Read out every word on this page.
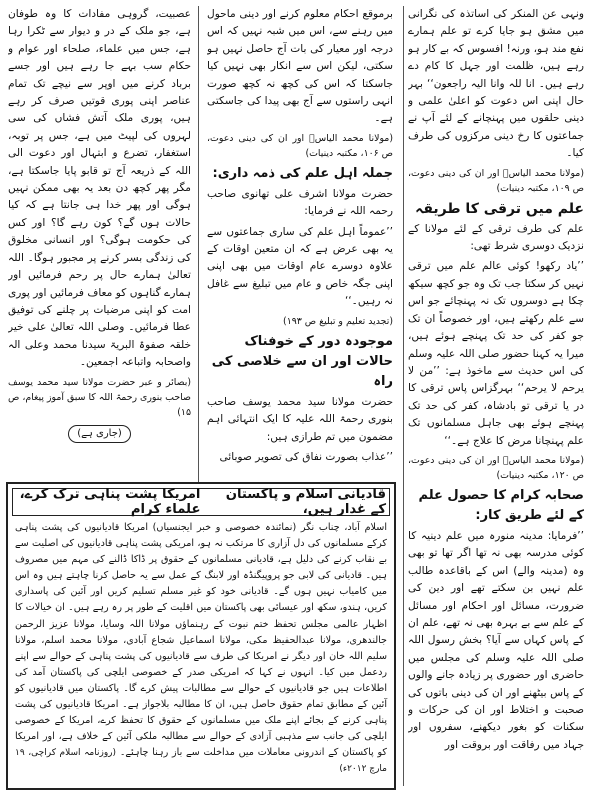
ونہی عن المنکر کی اساتذہ کی نگرانی میں مشق ہو جایا کرے تو علم ہمارے نفع مند ہو، ورنہ! افسوس کہ بے کار ہو رہے ہیں، ظلمت اور جہل کا کام دے رہے ہیں۔ انا للہ وانا الیہ راجعون‘‘ بہر حال اپنی اس دعوت کو اعلیٰ علمی و دینی حلقوں میں پہنچانے کے لئے آپ نے جماعتوں کا رخ دینی مرکزوں کی طرف کیا۔

(مولانا محمد الیاسؒ اور ان کی دینی دعوت، ص ۱۰۹، مکتبہ دینیات)

علم میں ترقی کا طریقہ

علم کی طرف ترقی کے لئے مولانا کے نزدیک دوسری شرط تھی:

’’یاد رکھو! کوئی عالم علم میں ترقی نہیں کر سکتا جب تک وہ جو کچھ سیکھ چکا ہے دوسروں تک نہ پہنچائے جو اس سے علم رکھتے ہیں، اور خصوصاً ان تک جو کفر کی حد تک پہنچے ہوئے ہیں، میرا یہ کہنا حضور صلی اللہ علیہ وسلم کی اس حدیث سے ماخوذ ہے: ’’من لا یرحم لا یرحم‘‘ بہرگزاس پاس ترقی کا در یا ترقی تو بادشاہ، کفر کی حد تک پہنچے ہوئے بھی جاہل مسلمانوں تک علم پہنچانا مرض کا علاج ہے۔‘‘

(مولانا محمد الیاسؒ اور ان کی دینی دعوت، ص ۱۲۰، مکتبہ دینیات)

صحابہ کرام کا حصول علم کے لئے طریق کار:

’’فرمایا: مدینہ منورہ میں علم دینیہ کا کوئی مدرسہ بھی نہ تھا اگر تھا تو بھی وہ (مدینہ والے) اس کے باقاعدہ طالب علم نہیں بن سکتے تھے اور دین کی ضرورت، مسائل اور احکام اور مسائل کے علم سے بے بہرہ بھی نہ تھے، علم ان کے پاس کہاں سے آیا؟ بخش رسول اللہ صلی اللہ علیہ وسلم کی مجلس میں حاضری اور حضوری پر زیادہ جانے والوں کے پاس بیٹھنے اور ان کی دینی باتوں کی صحبت و اختلاط اور ان کی حرکات و سکنات کو بغور دیکھنے، سفروں اور جہاد میں رفاقت اور بروقت اور

برموقع احکام معلوم کرنے اور دینی ماحول میں رہنے سے، اس میں شبہ نہیں کہ اس درجہ اور معیار کی بات آج حاصل نہیں ہو سکتی، لیکن اس سے انکار بھی نہیں کیا جاسکتا کہ اس کی کچھ نہ کچھ صورت انہی راستوں سے آج بھی پیدا کی جاسکتی ہے۔

(مولانا محمد الیاسؒ اور ان کی دینی دعوت، ص ۱۰۶، مکتبہ دینیات)

جملہ اہل علم کی ذمہ داری:

حضرت مولانا اشرف علی تھانوی صاحب رحمہ اللہ نے فرمایا:

’’عموماً اہل علم کی ساری جماعتوں سے یہ بھی عرض ہے کہ ان متعین اوقات کے علاوہ دوسرے عام اوقات میں بھی اپنی اپنی جگہ خاص و عام میں تبلیغ سے غافل نہ رہیں۔‘‘

(تجدید تعلیم و تبلیغ ص ۱۹۳)

موجودہ دور کے خوفناک حالات اور ان سے خلاصی کی راہ

حضرت مولانا سید محمد یوسف صاحب بنوری رحمۃ اللہ علیہ کا ایک انتہائی اہم مضمون میں تم طرازی ہیں:

’’عذاب بصورت نفاق کی تصویر صوبائی

عصبیت، گروہی مفادات کا وہ طوفان ہے، جو ملک کے در و دیوار سے ٹکرا رہا ہے، جس میں علماء، صلحاء اور عوام و حکام سب بہے جا رہے ہیں اور جسے برباد کرنے میں اوپر سے نیچے تک تمام عناصر اپنی پوری قوتیں صرف کر رہے ہیں، پوری ملک آتش فشاں کی سی لہروں کی لپیٹ میں ہے، جس پر توبہ، استغفار، تضرع و ابتہال اور دعوت الی اللہ کے ذریعہ آج تو قابو پایا جاسکتا ہے، مگر پھر کچھ دن بعد یہ بھی ممکن نہیں ہوگی اور پھر خدا ہی جانتا ہے کہ کیا حالات ہوں گے؟ کون رہے گا؟ اور کس کی حکومت ہوگی؟ اور انسانی مخلوق کی زندگی بسر کرنے پر مجبور ہوگا۔ اللہ تعالیٰ ہمارے حال پر رحم فرمائیں اور ہمارے گناہوں کو معاف فرمائیں اور پوری امت کو اپنی مرضیات پر چلنے کی توفیق عطا فرمائیں۔ وصلی اللہ تعالیٰ علی خیر خلقہ صفوۃ البریۃ سیدنا محمد وعلی الہ واصحابہ واتباعہ اجمعین۔

(بصائر و عبر حضرت مولانا سید محمد یوسف صاحب بنوری رحمۃ اللہ کا سبق آموز پیغام، ص ۱۵)

(جاری ہے)
قادیانی اسلام و پاکستان کے غدار ہیں،
امریکا پشت پناہی ترک کرے، علماء کرام

اسلام آباد، چناب نگر (نمائندہ خصوصی و خبر ایجنسیاں) امریکا قادیانیوں کی پشت پناہی کرکے مسلمانوں کی دل آزاری کا مرتکب نہ ہو، امریکی پشت پناہی قادیانیوں کی اصلیت سے بے نقاب کرنے کی دلیل ہے، قادیانی مسلمانوں کے حقوق پر ڈاکا ڈالنے کی مہم میں مصروف ہیں۔ قادیانی کی لابی جو پروپیگنڈہ اور لابنگ کے عمل سے یہ حاصل کرنا چاہتے ہیں وہ اس میں کامیاب نہیں ہوں گے۔ قادیانی خود کو غیر مسلم تسلیم کریں اور آئین کی پاسداری کریں، ہندو، سکھ اور عیسائی بھی پاکستان میں اقلیت کے طور پر رہ رہے ہیں۔ ان خیالات کا اظہار عالمی مجلس تحفظ ختم نبوت کے رہنماؤں مولانا اللہ وسایا، مولانا عزیز الرحمن جالندھری، مولانا عبدالحفیظ مکی، مولانا اسماعیل شجاع آبادی، مولانا محمد اسلم، مولانا سلیم اللہ خان اور دیگر نے امریکا کی طرف سے قادیانیوں کی پشت پناہی کے حوالے سے اپنے ردعمل میں کیا۔ انہوں نے کہا کہ امریکی صدر کے خصوصی ایلچی کی پاکستان آمد کی اطلاعات ہیں جو قادیانیوں کے حوالے سے مطالبات پیش کرے گا۔ پاکستان میں قادیانیوں کو آئین کے مطابق تمام حقوق حاصل ہیں، ان کا مطالبہ بلاجواز ہے۔ امریکا قادیانیوں کی پشت پناہی کرنے کے بجائے اپنے ملک میں مسلمانوں کے حقوق کا تحفظ کرے، امریکا کے خصوصی ایلچی کی جانب سے مذہبی آزادی کے حوالے سے مطالبہ ملکی آئین کے خلاف ہے، اور امریکا کو پاکستان کے اندرونی معاملات میں مداخلت سے باز رہنا چاہئے۔ (روزنامہ اسلام کراچی، ۱۹ مارچ ۲۰۱۲ء)
